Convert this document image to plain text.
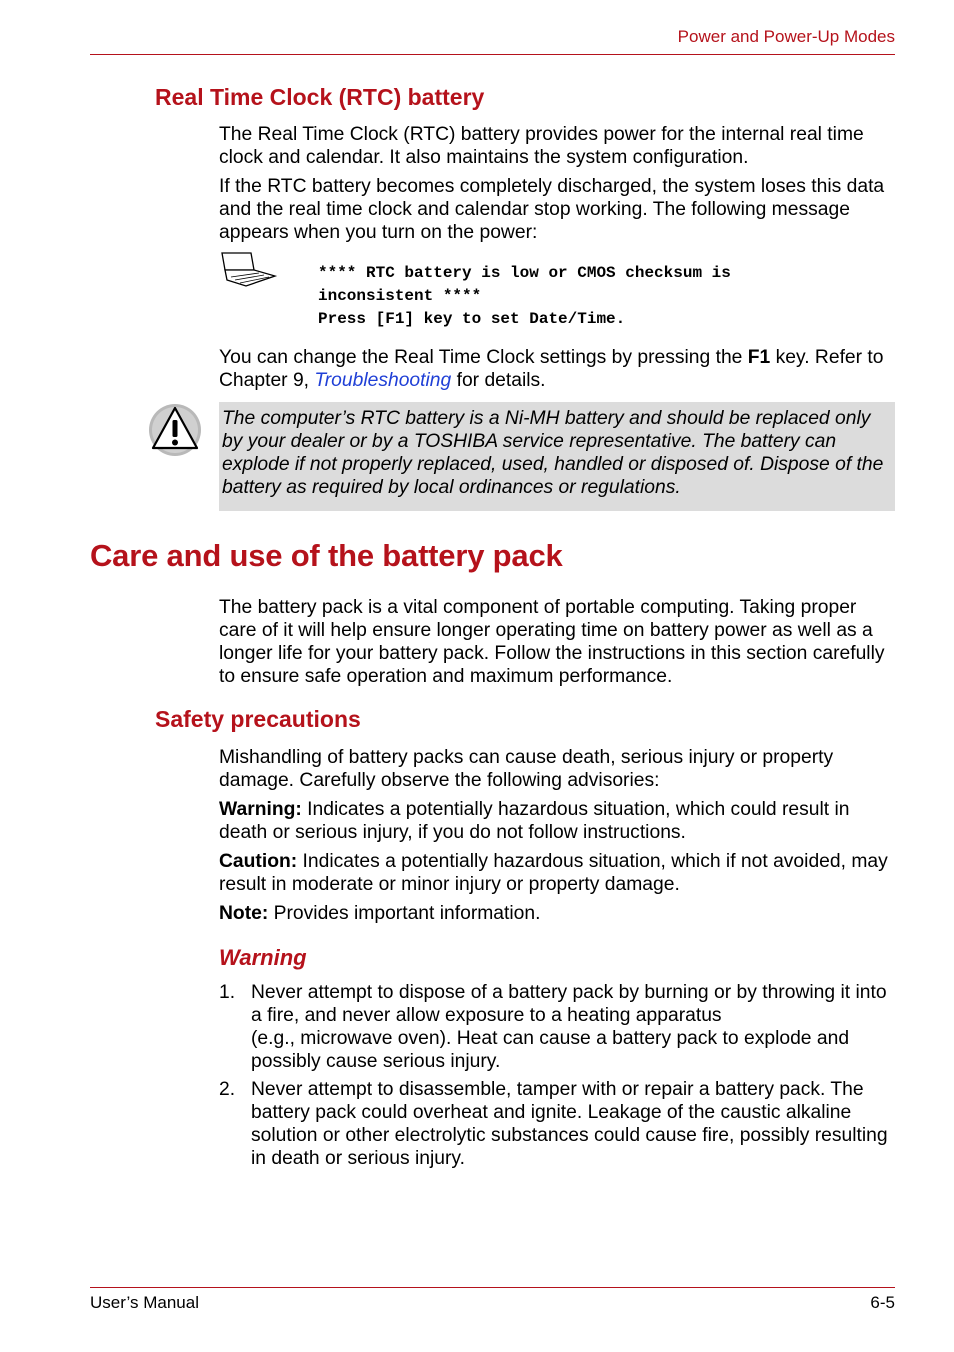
Power and Power-Up Modes
Real Time Clock (RTC) battery
The Real Time Clock (RTC) battery provides power for the internal real time clock and calendar. It also maintains the system configuration.
If the RTC battery becomes completely discharged, the system loses this data and the real time clock and calendar stop working. The following message appears when you turn on the power:
**** RTC battery is low or CMOS checksum is
inconsistent ****
Press [F1] key to set Date/Time.
You can change the Real Time Clock settings by pressing the F1 key. Refer to Chapter 9, Troubleshooting for details.
The computer’s RTC battery is a Ni-MH battery and should be replaced only by your dealer or by a TOSHIBA service representative. The battery can explode if not properly replaced, used, handled or disposed of. Dispose of the battery as required by local ordinances or regulations.
Care and use of the battery pack
The battery pack is a vital component of portable computing. Taking proper care of it will help ensure longer operating time on battery power as well as a longer life for your battery pack. Follow the instructions in this section carefully to ensure safe operation and maximum performance.
Safety precautions
Mishandling of battery packs can cause death, serious injury or property damage. Carefully observe the following advisories:
Warning: Indicates a potentially hazardous situation, which could result in death or serious injury, if you do not follow instructions.
Caution: Indicates a potentially hazardous situation, which if not avoided, may result in moderate or minor injury or property damage.
Note: Provides important information.
Warning
1. Never attempt to dispose of a battery pack by burning or by throwing it into a fire, and never allow exposure to a heating apparatus
(e.g., microwave oven). Heat can cause a battery pack to explode and possibly cause serious injury.
2. Never attempt to disassemble, tamper with or repair a battery pack. The battery pack could overheat and ignite. Leakage of the caustic alkaline solution or other electrolytic substances could cause fire, possibly resulting in death or serious injury.
User’s Manual	6-5
